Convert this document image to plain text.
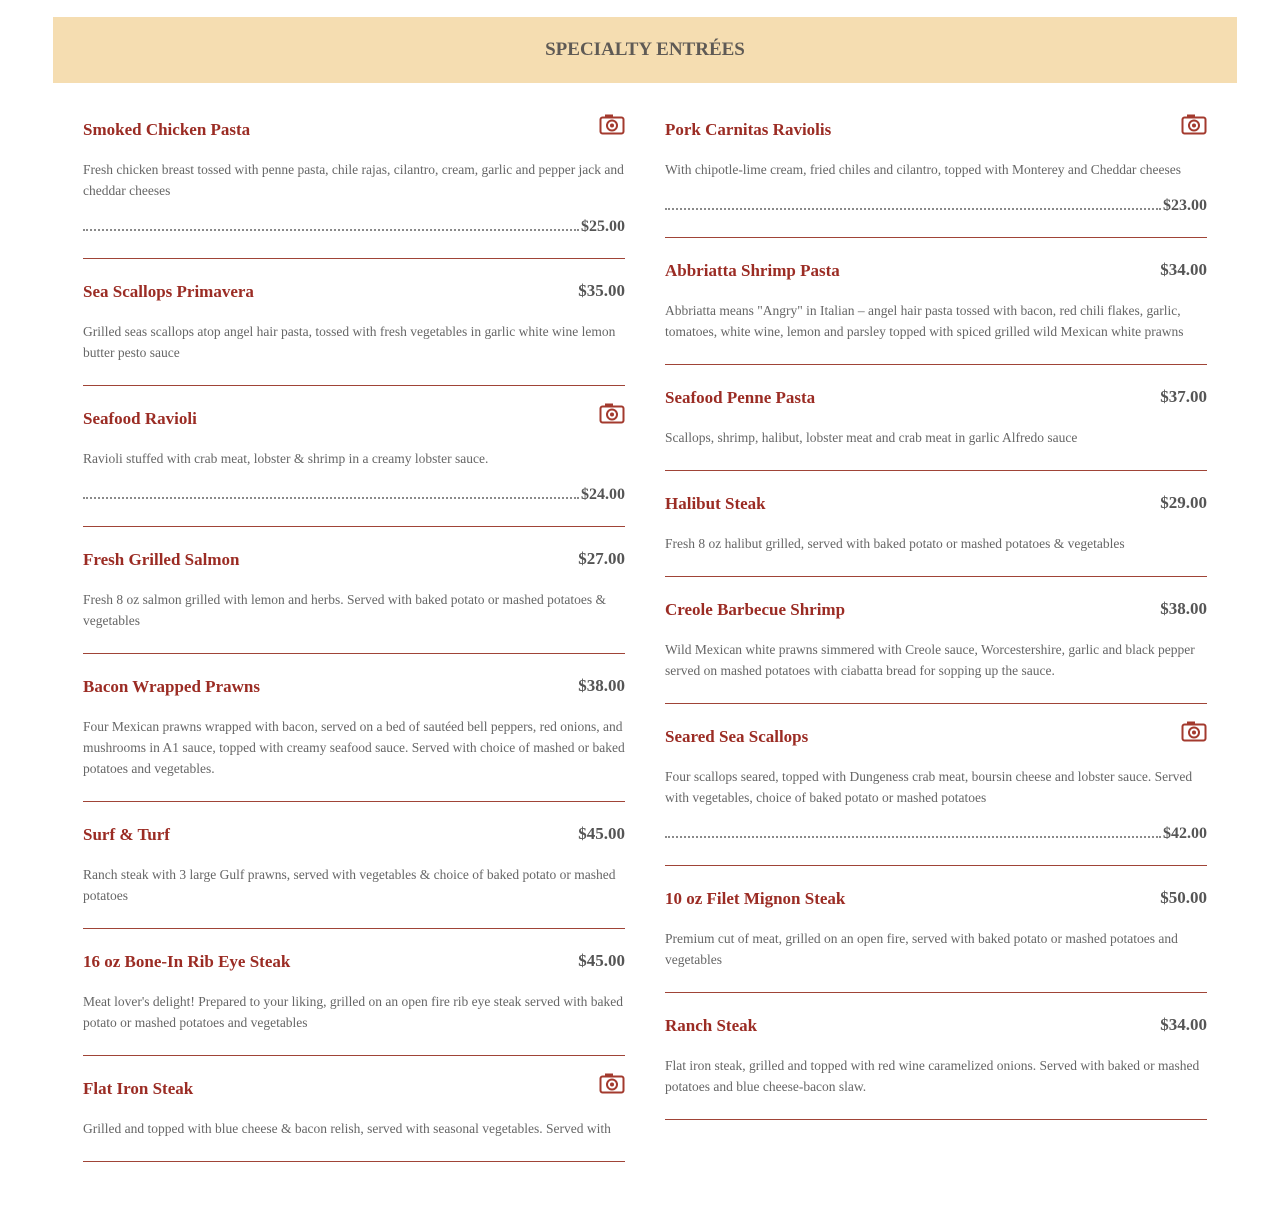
SPECIALTY ENTRÉES
Smoked Chicken Pasta
Fresh chicken breast tossed with penne pasta, chile rajas, cilantro, cream, garlic and pepper jack and cheddar cheeses
$25.00
Sea Scallops Primavera	$35.00
Grilled seas scallops atop angel hair pasta, tossed with fresh vegetables in garlic white wine lemon butter pesto sauce
Seafood Ravioli
Ravioli stuffed with crab meat, lobster & shrimp in a creamy lobster sauce.
$24.00
Fresh Grilled Salmon	$27.00
Fresh 8 oz salmon grilled with lemon and herbs. Served with baked potato or mashed potatoes & vegetables
Bacon Wrapped Prawns	$38.00
Four Mexican prawns wrapped with bacon, served on a bed of sautéed bell peppers, red onions, and mushrooms in A1 sauce, topped with creamy seafood sauce. Served with choice of mashed or baked potatoes and vegetables.
Surf & Turf	$45.00
Ranch steak with 3 large Gulf prawns, served with vegetables & choice of baked potato or mashed potatoes
16 oz Bone-In Rib Eye Steak	$45.00
Meat lover's delight! Prepared to your liking, grilled on an open fire rib eye steak served with baked potato or mashed potatoes and vegetables
Flat Iron Steak
Grilled and topped with blue cheese & bacon relish, served with seasonal vegetables. Served with
Pork Carnitas Raviolis
With chipotle-lime cream, fried chiles and cilantro, topped with Monterey and Cheddar cheeses
$23.00
Abbriatta Shrimp Pasta	$34.00
Abbriatta means "Angry" in Italian – angel hair pasta tossed with bacon, red chili flakes, garlic, tomatoes, white wine, lemon and parsley topped with spiced grilled wild Mexican white prawns
Seafood Penne Pasta	$37.00
Scallops, shrimp, halibut, lobster meat and crab meat in garlic Alfredo sauce
Halibut Steak	$29.00
Fresh 8 oz halibut grilled, served with baked potato or mashed potatoes & vegetables
Creole Barbecue Shrimp	$38.00
Wild Mexican white prawns simmered with Creole sauce, Worcestershire, garlic and black pepper served on mashed potatoes with ciabatta bread for sopping up the sauce.
Seared Sea Scallops
Four scallops seared, topped with Dungeness crab meat, boursin cheese and lobster sauce. Served with vegetables, choice of baked potato or mashed potatoes
$42.00
10 oz Filet Mignon Steak	$50.00
Premium cut of meat, grilled on an open fire, served with baked potato or mashed potatoes and vegetables
Ranch Steak	$34.00
Flat iron steak, grilled and topped with red wine caramelized onions. Served with baked or mashed potatoes and blue cheese-bacon slaw.
